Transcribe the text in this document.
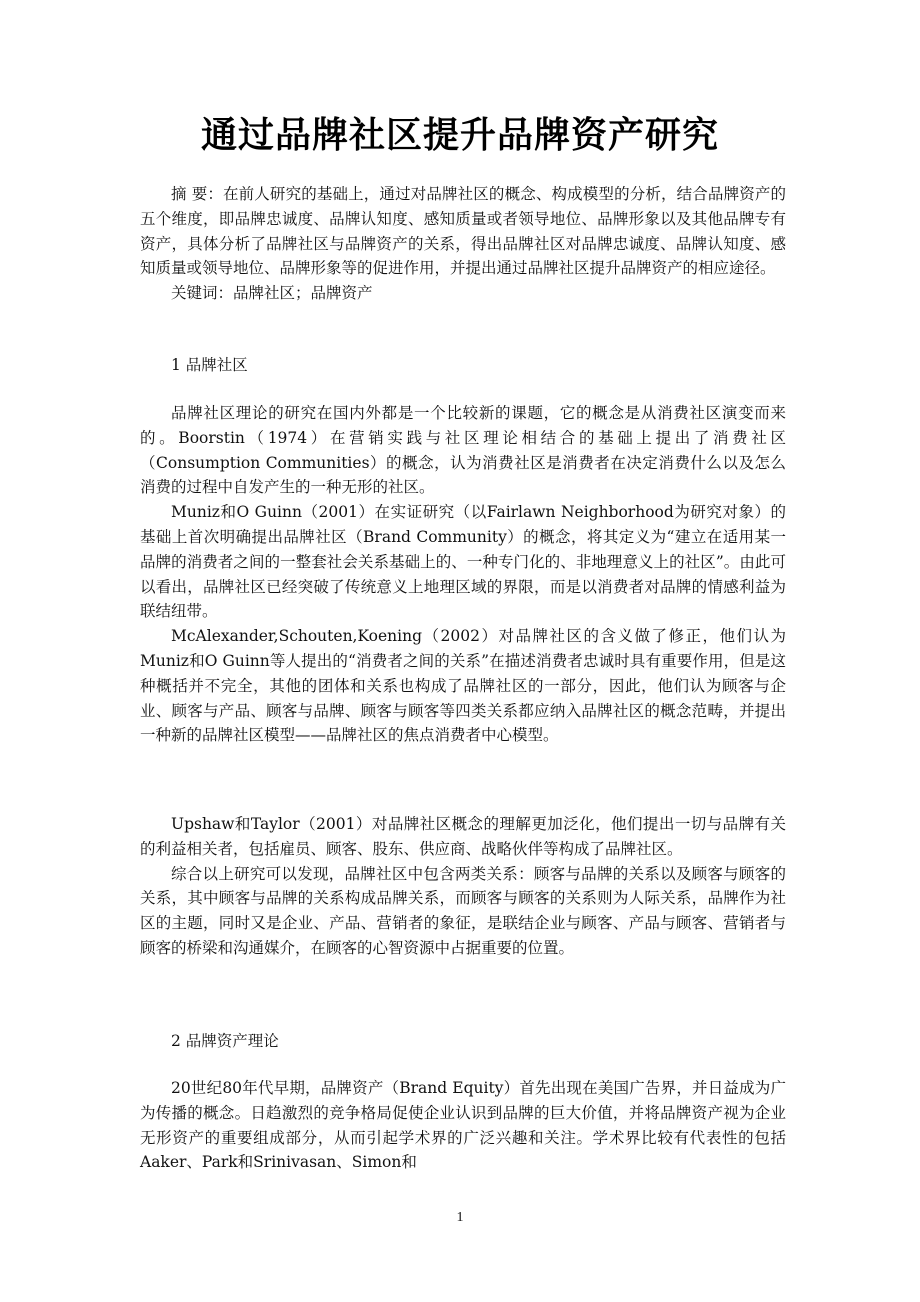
通过品牌社区提升品牌资产研究

摘 要：在前人研究的基础上，通过对品牌社区的概念、构成模型的分析，结合品牌资产的五个维度，即品牌忠诚度、品牌认知度、感知质量或者领导地位、品牌形象以及其他品牌专有资产，具体分析了品牌社区与品牌资产的关系，得出品牌社区对品牌忠诚度、品牌认知度、感知质量或领导地位、品牌形象等的促进作用，并提出通过品牌社区提升品牌资产的相应途径。

关键词：品牌社区；品牌资产

1 品牌社区

品牌社区理论的研究在国内外都是一个比较新的课题，它的概念是从消费社区演变而来的。Boorstin（1974）在营销实践与社区理论相结合的基础上提出了消费社区（Consumption Communities）的概念，认为消费社区是消费者在决定消费什么以及怎么消费的过程中自发产生的一种无形的社区。

Muniz和O Guinn（2001）在实证研究（以Fairlawn Neighborhood为研究对象）的基础上首次明确提出品牌社区（Brand Community）的概念，将其定义为“建立在适用某一品牌的消费者之间的一整套社会关系基础上的、一种专门化的、非地理意义上的社区”。由此可以看出，品牌社区已经突破了传统意义上地理区域的界限，而是以消费者对品牌的情感利益为联结纽带。

McAlexander,Schouten,Koening（2002）对品牌社区的含义做了修正，他们认为Muniz和O Guinn等人提出的“消费者之间的关系”在描述消费者忠诚时具有重要作用，但是这种概括并不完全，其他的团体和关系也构成了品牌社区的一部分，因此，他们认为顾客与企业、顾客与产品、顾客与品牌、顾客与顾客等四类关系都应纳入品牌社区的概念范畴，并提出一种新的品牌社区模型——品牌社区的焦点消费者中心模型。

Upshaw和Taylor（2001）对品牌社区概念的理解更加泛化，他们提出一切与品牌有关的利益相关者，包括雇员、顾客、股东、供应商、战略伙伴等构成了品牌社区。

综合以上研究可以发现，品牌社区中包含两类关系：顾客与品牌的关系以及顾客与顾客的关系，其中顾客与品牌的关系构成品牌关系，而顾客与顾客的关系则为人际关系，品牌作为社区的主题，同时又是企业、产品、营销者的象征，是联结企业与顾客、产品与顾客、营销者与顾客的桥梁和沟通媒介，在顾客的心智资源中占据重要的位置。

2 品牌资产理论

20世纪80年代早期，品牌资产（Brand Equity）首先出现在美国广告界，并日益成为广为传播的概念。日趋激烈的竞争格局促使企业认识到品牌的巨大价值，并将品牌资产视为企业无形资产的重要组成部分，从而引起学术界的广泛兴趣和关注。学术界比较有代表性的包括Aaker、Park和Srinivasan、Simon和

1
